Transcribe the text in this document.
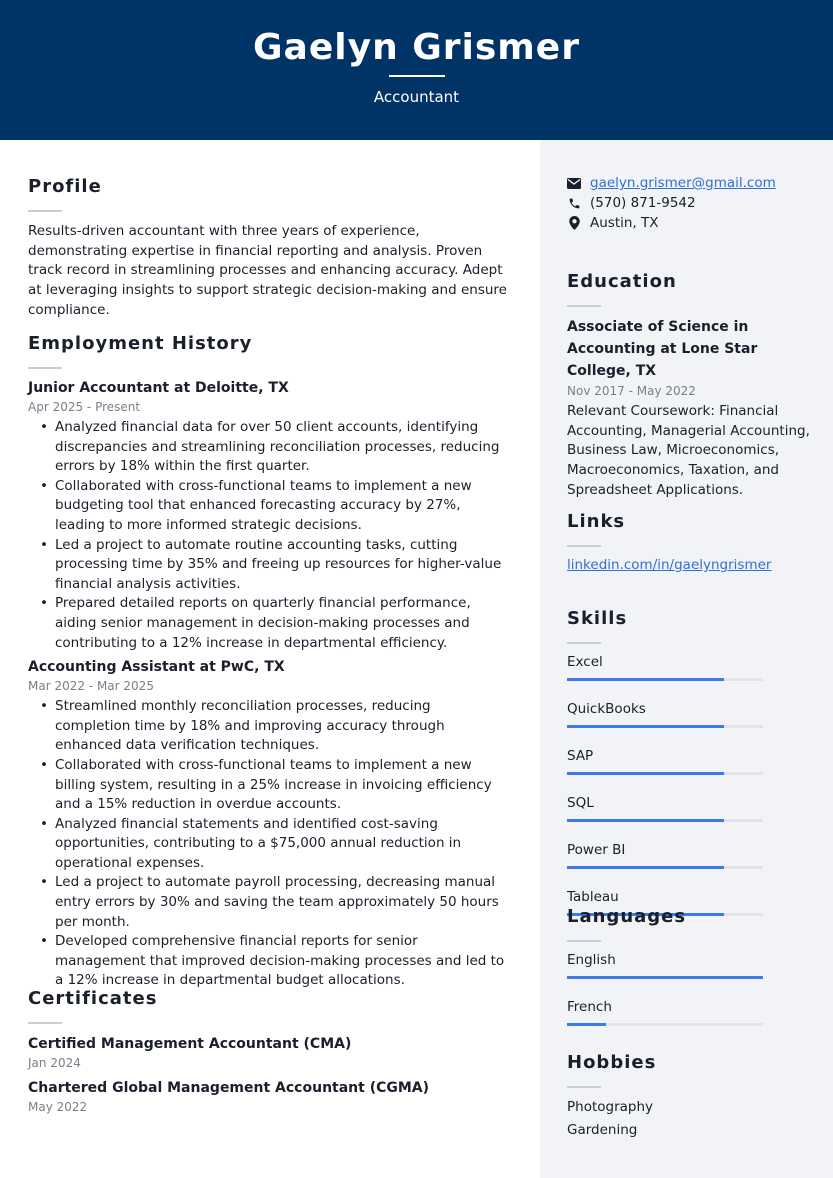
Gaelyn Grismer
Accountant
Profile
Results-driven accountant with three years of experience, demonstrating expertise in financial reporting and analysis. Proven track record in streamlining processes and enhancing accuracy. Adept at leveraging insights to support strategic decision-making and ensure compliance.
Employment History
Junior Accountant at Deloitte, TX
Apr 2025 - Present
• Analyzed financial data for over 50 client accounts, identifying discrepancies and streamlining reconciliation processes, reducing errors by 18% within the first quarter.
• Collaborated with cross-functional teams to implement a new budgeting tool that enhanced forecasting accuracy by 27%, leading to more informed strategic decisions.
• Led a project to automate routine accounting tasks, cutting processing time by 35% and freeing up resources for higher-value financial analysis activities.
• Prepared detailed reports on quarterly financial performance, aiding senior management in decision-making processes and contributing to a 12% increase in departmental efficiency.
Accounting Assistant at PwC, TX
Mar 2022 - Mar 2025
• Streamlined monthly reconciliation processes, reducing completion time by 18% and improving accuracy through enhanced data verification techniques.
• Collaborated with cross-functional teams to implement a new billing system, resulting in a 25% increase in invoicing efficiency and a 15% reduction in overdue accounts.
• Analyzed financial statements and identified cost-saving opportunities, contributing to a $75,000 annual reduction in operational expenses.
• Led a project to automate payroll processing, decreasing manual entry errors by 30% and saving the team approximately 50 hours per month.
• Developed comprehensive financial reports for senior management that improved decision-making processes and led to a 12% increase in departmental budget allocations.
Certificates
Certified Management Accountant (CMA)
Jan 2024
Chartered Global Management Accountant (CGMA)
May 2022
gaelyn.grismer@gmail.com
(570) 871-9542
Austin, TX
Education
Associate of Science in Accounting at Lone Star College, TX
Nov 2017 - May 2022
Relevant Coursework: Financial Accounting, Managerial Accounting, Business Law, Microeconomics, Macroeconomics, Taxation, and Spreadsheet Applications.
Links
linkedin.com/in/gaelyngrismer
Skills
Excel
QuickBooks
SAP
SQL
Power BI
Tableau
Languages
English
French
Hobbies
Photography
Gardening
